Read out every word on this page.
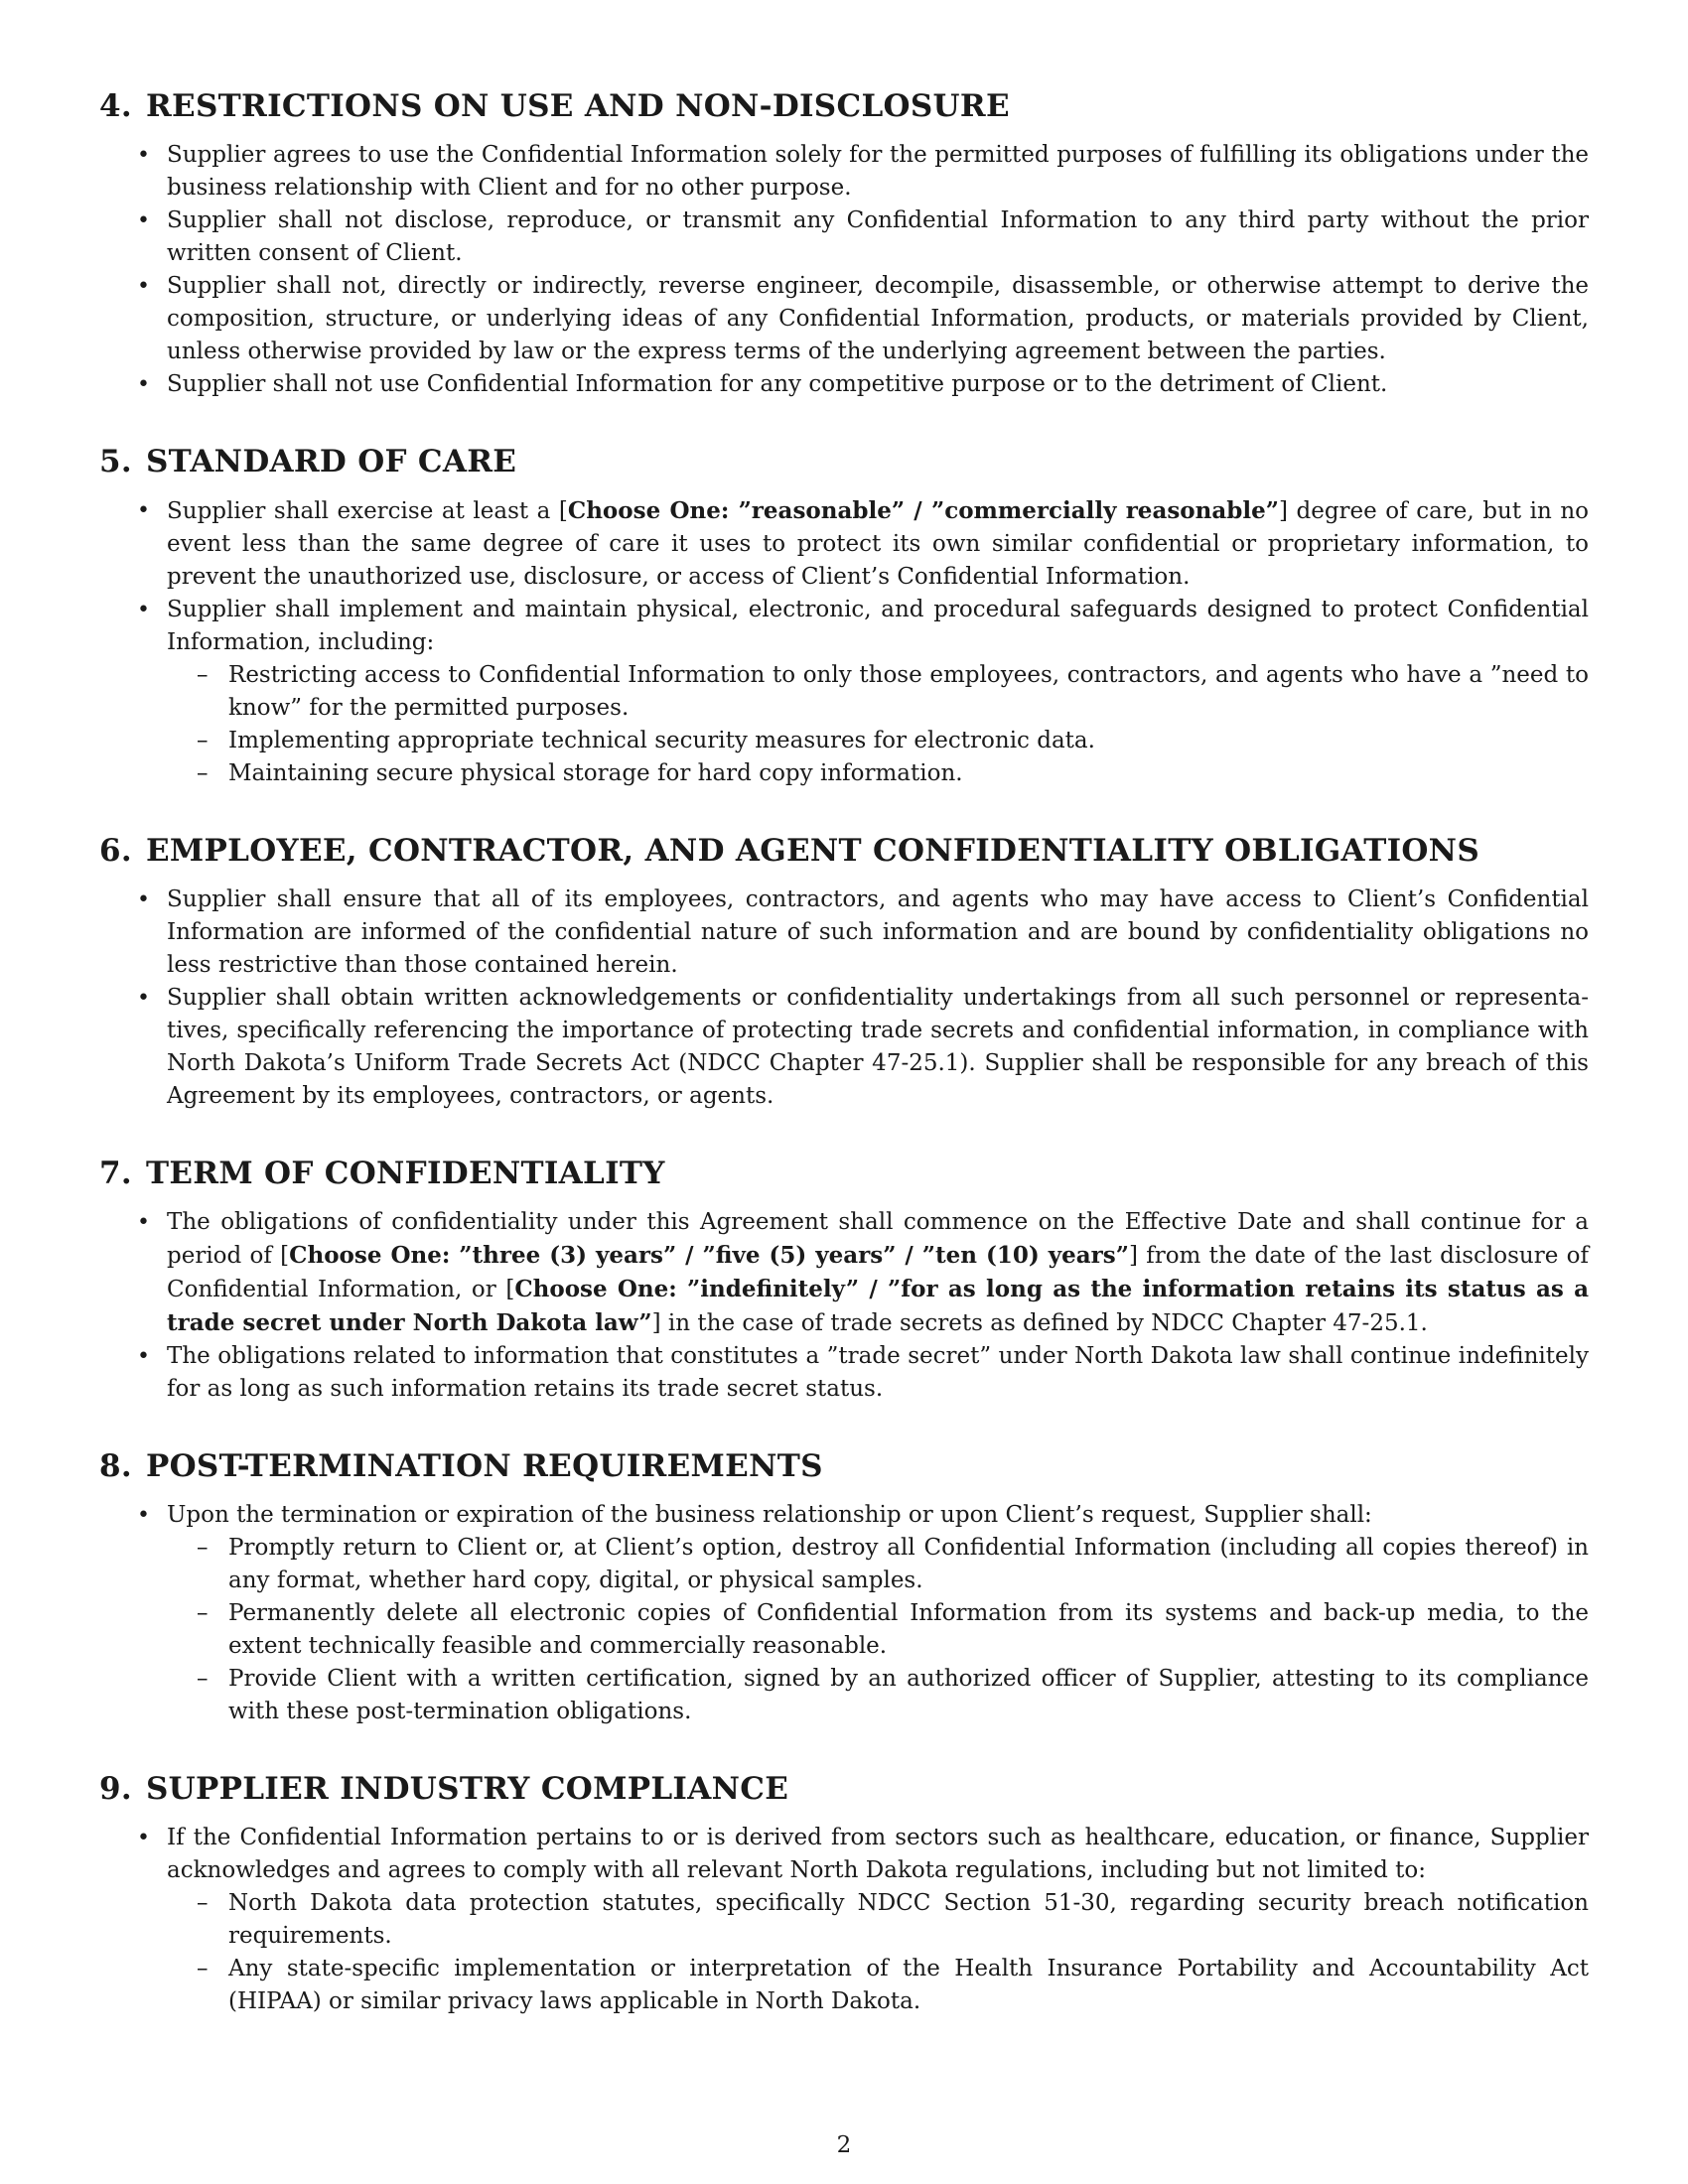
4. RESTRICTIONS ON USE AND NON-DISCLOSURE
• Supplier agrees to use the Confidential Information solely for the permitted purposes of fulfilling its obligations under the business relationship with Client and for no other purpose.
• Supplier shall not disclose, reproduce, or transmit any Confidential Information to any third party without the prior written consent of Client.
• Supplier shall not, directly or indirectly, reverse engineer, decompile, disassemble, or otherwise attempt to derive the composition, structure, or underlying ideas of any Confidential Information, products, or materials provided by Client, unless otherwise provided by law or the express terms of the underlying agreement between the parties.
• Supplier shall not use Confidential Information for any competitive purpose or to the detriment of Client.
5. STANDARD OF CARE
• Supplier shall exercise at least a [Choose One: ”reasonable” / ”commercially reasonable”] degree of care, but in no event less than the same degree of care it uses to protect its own similar confidential or proprietary information, to prevent the unauthorized use, disclosure, or access of Client’s Confidential Information.
• Supplier shall implement and maintain physical, electronic, and procedural safeguards designed to protect Confidential Information, including:
– Restricting access to Confidential Information to only those employees, contractors, and agents who have a ”need to know” for the permitted purposes.
– Implementing appropriate technical security measures for electronic data.
– Maintaining secure physical storage for hard copy information.
6. EMPLOYEE, CONTRACTOR, AND AGENT CONFIDENTIALITY OBLIGATIONS
• Supplier shall ensure that all of its employees, contractors, and agents who may have access to Client’s Confidential Information are informed of the confidential nature of such information and are bound by confidentiality obligations no less restrictive than those contained herein.
• Supplier shall obtain written acknowledgements or confidentiality undertakings from all such personnel or representatives, specifically referencing the importance of protecting trade secrets and confidential information, in compliance with North Dakota’s Uniform Trade Secrets Act (NDCC Chapter 47-25.1). Supplier shall be responsible for any breach of this Agreement by its employees, contractors, or agents.
7. TERM OF CONFIDENTIALITY
• The obligations of confidentiality under this Agreement shall commence on the Effective Date and shall continue for a period of [Choose One: ”three (3) years” / ”five (5) years” / ”ten (10) years”] from the date of the last disclosure of Confidential Information, or [Choose One: ”indefinitely” / ”for as long as the information retains its status as a trade secret under North Dakota law”] in the case of trade secrets as defined by NDCC Chapter 47-25.1.
• The obligations related to information that constitutes a ”trade secret” under North Dakota law shall continue indefinitely for as long as such information retains its trade secret status.
8. POST-TERMINATION REQUIREMENTS
• Upon the termination or expiration of the business relationship or upon Client’s request, Supplier shall:
– Promptly return to Client or, at Client’s option, destroy all Confidential Information (including all copies thereof) in any format, whether hard copy, digital, or physical samples.
– Permanently delete all electronic copies of Confidential Information from its systems and back-up media, to the extent technically feasible and commercially reasonable.
– Provide Client with a written certification, signed by an authorized officer of Supplier, attesting to its compliance with these post-termination obligations.
9. SUPPLIER INDUSTRY COMPLIANCE
• If the Confidential Information pertains to or is derived from sectors such as healthcare, education, or finance, Supplier acknowledges and agrees to comply with all relevant North Dakota regulations, including but not limited to:
– North Dakota data protection statutes, specifically NDCC Section 51-30, regarding security breach notification requirements.
– Any state-specific implementation or interpretation of the Health Insurance Portability and Accountability Act (HIPAA) or similar privacy laws applicable in North Dakota.
2
